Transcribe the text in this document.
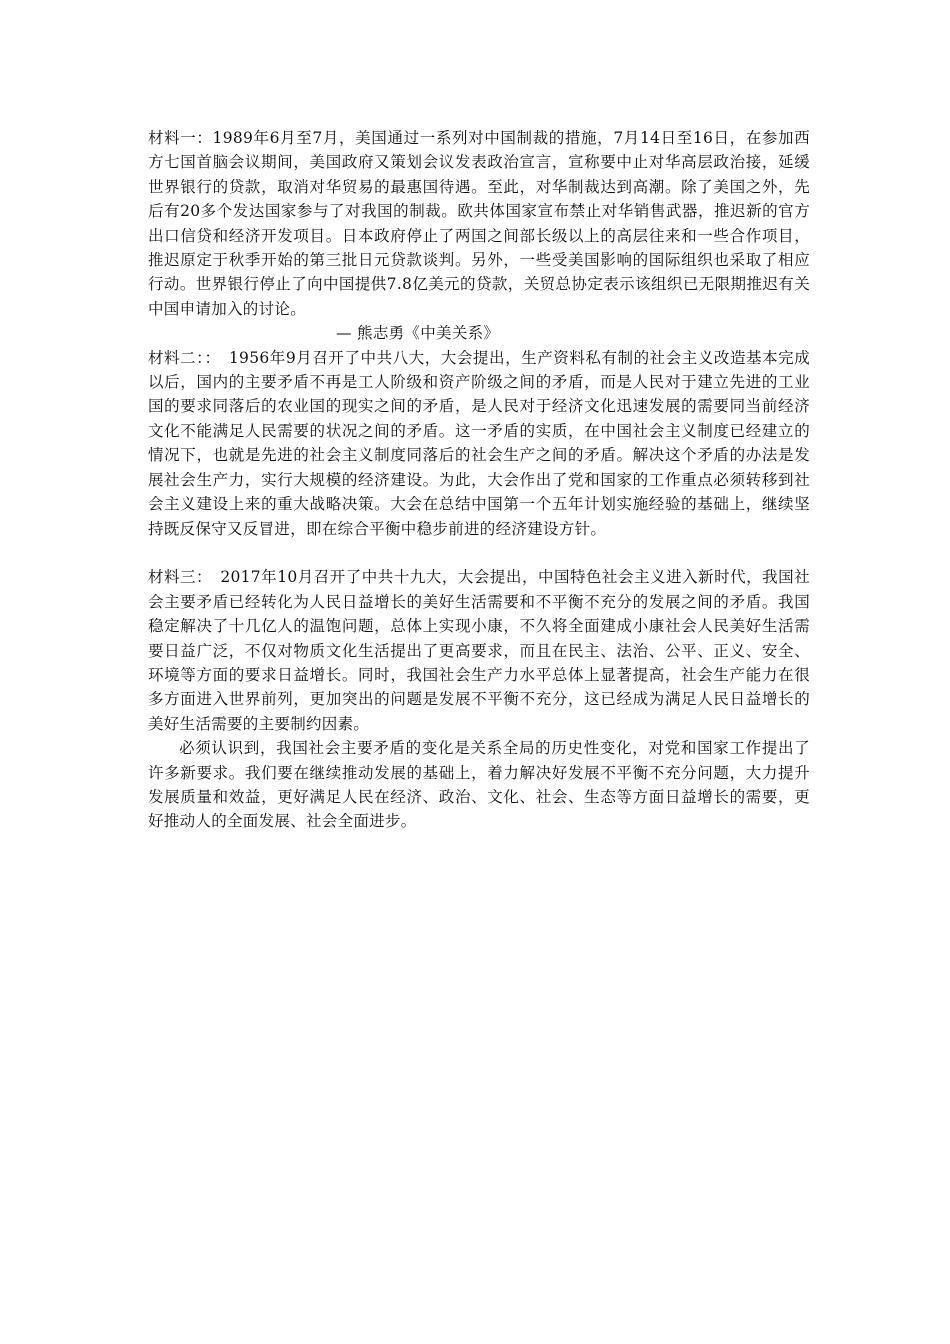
材料一：1989年6月至7月，美国通过一系列对中国制裁的措施，7月14日至16日，在参加西方七国首脑会议期间，美国政府又策划会议发表政治宣言，宣称要中止对华高层政治接，延缓世界银行的贷款，取消对华贸易的最惠国待遇。至此，对华制裁达到高潮。除了美国之外，先后有20多个发达国家参与了对我国的制裁。欧共体国家宣布禁止对华销售武器，推迟新的官方出口信贷和经济开发项目。日本政府停止了两国之间部长级以上的高层往来和一些合作项目，推迟原定于秋季开始的第三批日元贷款谈判。另外，一些受美国影响的国际组织也采取了相应行动。世界银行停止了向中国提供7.8亿美元的贷款，关贸总协定表示该组织已无限期推迟有关中国申请加入的讨论。

— 熊志勇《中美关系》

材料二：：　1956年9月召开了中共八大，大会提出，生产资料私有制的社会主义改造基本完成以后，国内的主要矛盾不再是工人阶级和资产阶级之间的矛盾，而是人民对于建立先进的工业国的要求同落后的农业国的现实之间的矛盾，是人民对于经济文化迅速发展的需要同当前经济文化不能满足人民需要的状况之间的矛盾。这一矛盾的实质，在中国社会主义制度已经建立的情况下，也就是先进的社会主义制度同落后的社会生产之间的矛盾。解决这个矛盾的办法是发展社会生产力，实行大规模的经济建设。为此，大会作出了党和国家的工作重点必须转移到社会主义建设上来的重大战略决策。大会在总结中国第一个五年计划实施经验的基础上，继续坚持既反保守又反冒进，即在综合平衡中稳步前进的经济建设方针。

材料三：　2017年10月召开了中共十九大，大会提出，中国特色社会主义进入新时代，我国社会主要矛盾已经转化为人民日益增长的美好生活需要和不平衡不充分的发展之间的矛盾。我国稳定解决了十几亿人的温饱问题，总体上实现小康，不久将全面建成小康社会人民美好生活需要日益广泛，不仅对物质文化生活提出了更高要求，而且在民主、法治、公平、正义、安全、环境等方面的要求日益增长。同时，我国社会生产力水平总体上显著提高，社会生产能力在很多方面进入世界前列，更加突出的问题是发展不平衡不充分，这已经成为满足人民日益增长的美好生活需要的主要制约因素。

必须认识到，我国社会主要矛盾的变化是关系全局的历史性变化，对党和国家工作提出了许多新要求。我们要在继续推动发展的基础上，着力解决好发展不平衡不充分问题，大力提升发展质量和效益，更好满足人民在经济、政治、文化、社会、生态等方面日益增长的需要，更好推动人的全面发展、社会全面进步。
